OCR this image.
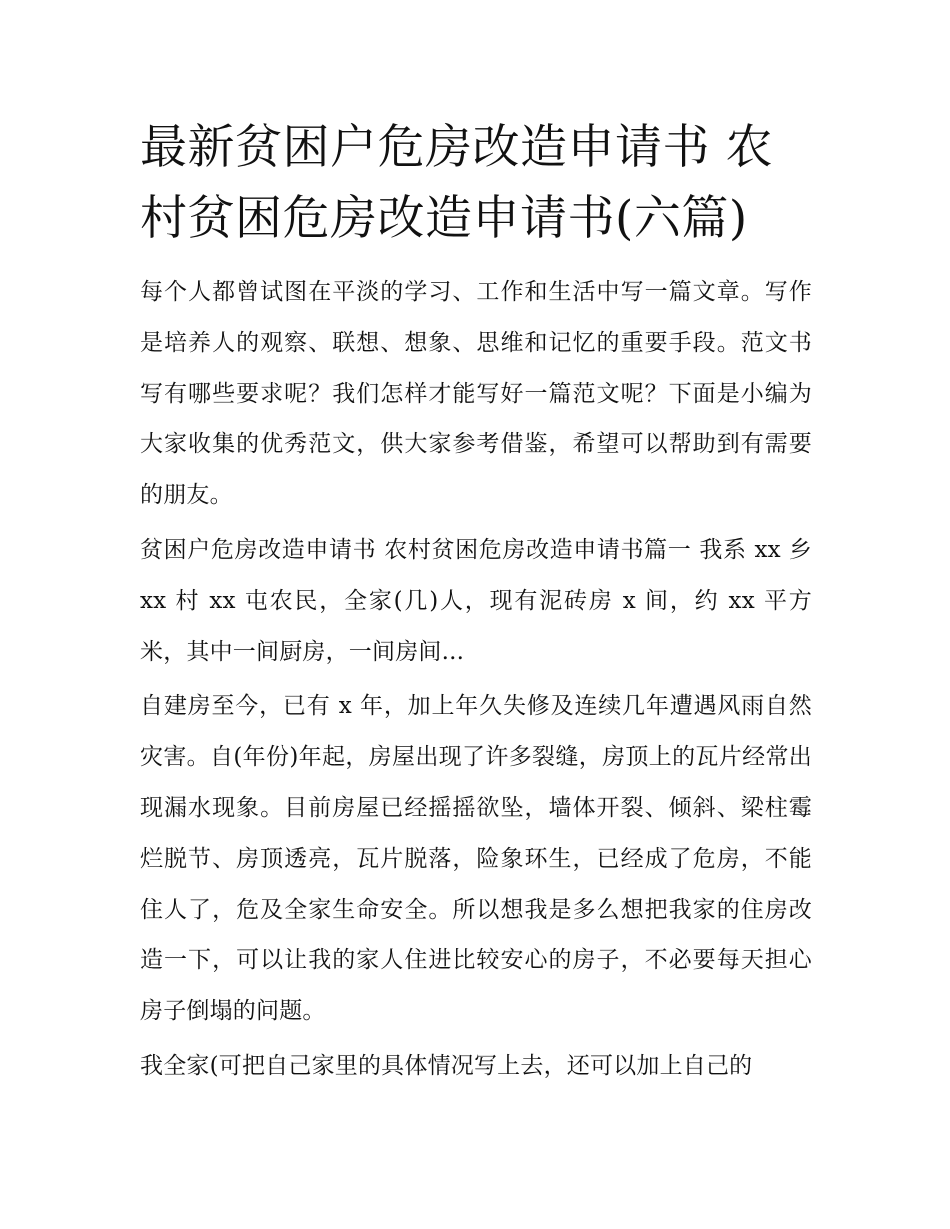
最新贫困户危房改造申请书 农村贫困危房改造申请书(六篇)

每个人都曾试图在平淡的学习、工作和生活中写一篇文章。写作是培养人的观察、联想、想象、思维和记忆的重要手段。范文书写有哪些要求呢？我们怎样才能写好一篇范文呢？下面是小编为大家收集的优秀范文，供大家参考借鉴，希望可以帮助到有需要的朋友。

贫困户危房改造申请书 农村贫困危房改造申请书篇一 我系 xx 乡 xx 村 xx 屯农民，全家(几)人，现有泥砖房 x 间，约 xx 平方米，其中一间厨房，一间房间...

自建房至今，已有 x 年，加上年久失修及连续几年遭遇风雨自然灾害。自(年份)年起，房屋出现了许多裂缝，房顶上的瓦片经常出现漏水现象。目前房屋已经摇摇欲坠，墙体开裂、倾斜、梁柱霉烂脱节、房顶透亮，瓦片脱落，险象环生，已经成了危房，不能住人了，危及全家生命安全。所以想我是多么想把我家的住房改造一下，可以让我的家人住进比较安心的房子，不必要每天担心房子倒塌的问题。

我全家(可把自己家里的具体情况写上去，还可以加上自己的
